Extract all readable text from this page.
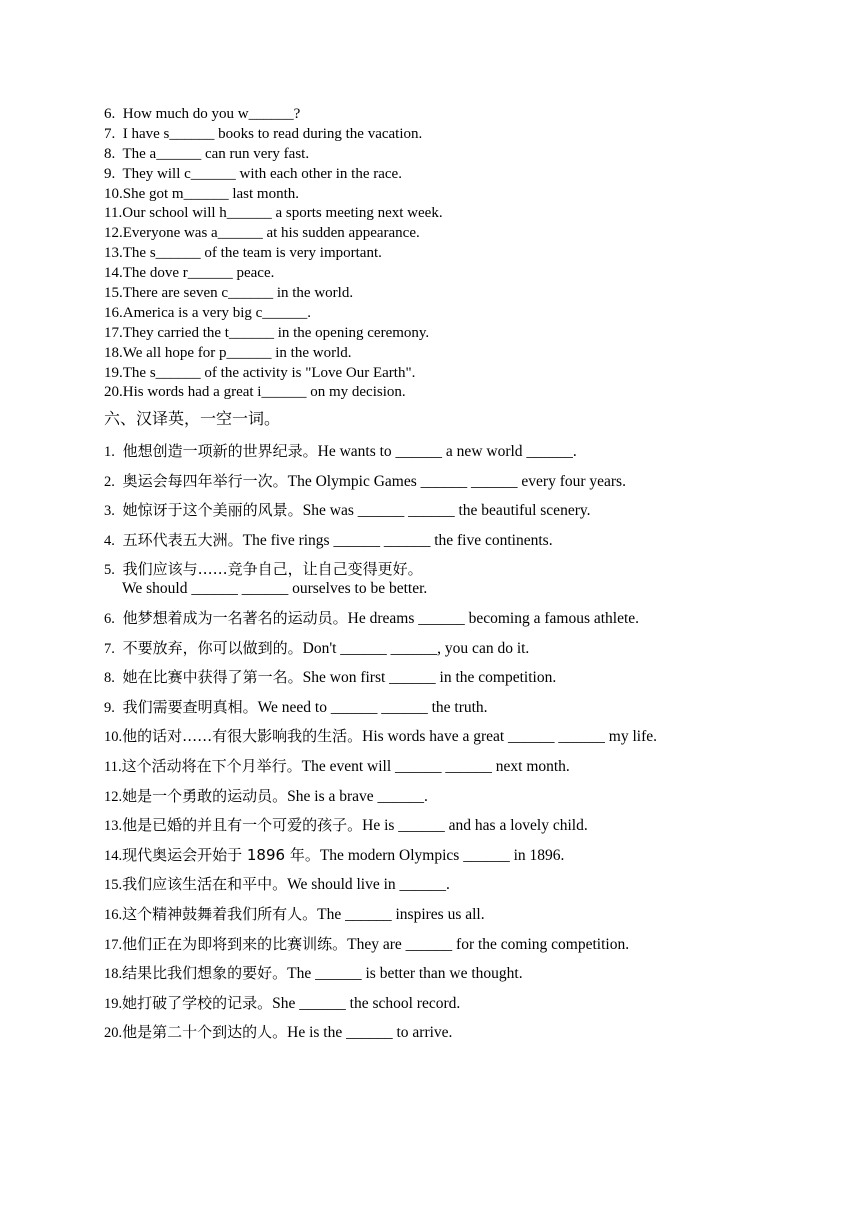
6. How much do you w______?
7. I have s______ books to read during the vacation.
8. The a______ can run very fast.
9. They will c______ with each other in the race.
10.She got m______ last month.
11.Our school will h______ a sports meeting next week.
12.Everyone was a______ at his sudden appearance.
13.The s______ of the team is very important.
14.The dove r______ peace.
15.There are seven c______ in the world.
16.America is a very big c______.
17.They carried the t______ in the opening ceremony.
18.We all hope for p______ in the world.
19.The s______ of the activity is "Love Our Earth".
20.His words had a great i______ on my decision.
六、汉译英，一空一词。
1. 他想创造一项新的世界纪录。He wants to ______ a new world ______.
2. 奥运会每四年举行一次。The Olympic Games ______ ______ every four years.
3. 她惊讶于这个美丽的风景。She was ______ ______ the beautiful scenery.
4. 五环代表五大洲。The five rings ______ ______ the five continents.
5. 我们应该与……竞争自己，让自己变得更好。
We should ______ ______ ourselves to be better.
6. 他梦想着成为一名著名的运动员。He dreams ______ becoming a famous athlete.
7. 不要放弃，你可以做到的。Don't ______ ______, you can do it.
8. 她在比赛中获得了第一名。She won first ______ in the competition.
9. 我们需要查明真相。We need to ______ ______ the truth.
10.他的话对……有很大影响我的生活。His words have a great ______ ______ my life.
11.这个活动将在下个月举行。The event will ______ ______ next month.
12.她是一个勇敢的运动员。She is a brave ______.
13.他是已婚的并且有一个可爱的孩子。He is ______ and has a lovely child.
14.现代奥运会开始于 1896 年。The modern Olympics ______ in 1896.
15.我们应该生活在和平中。We should live in ______.
16.这个精神鼓舞着我们所有人。The ______ inspires us all.
17.他们正在为即将到来的比赛训练。They are ______ for the coming competition.
18.结果比我们想象的要好。The ______ is better than we thought.
19.她打破了学校的记录。She ______ the school record.
20.他是第二十个到达的人。He is the ______ to arrive.
